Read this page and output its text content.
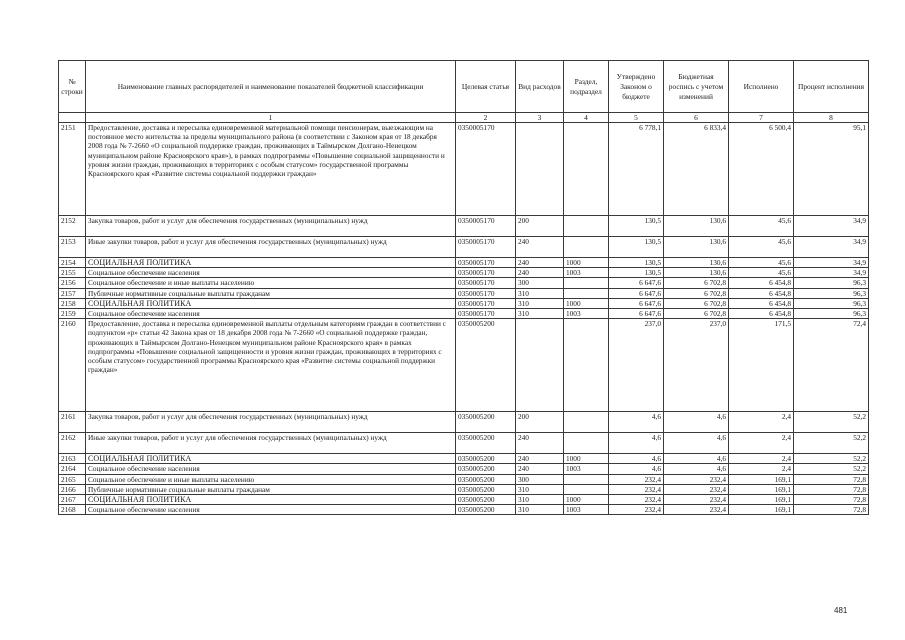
№ строки	Наименование главных распорядителей и наименование показателей бюджетной классификации	Целевая статья	Вид расходов	Раздел, подраздел	Утверждено Законом о бюджете	Бюджетная роспись с учетом изменений	Исполнено	Процент исполнения
	1	2	3	4	5	6	7	8
2151	Предоставление, доставка и пересылка единовременной материальной помощи пенсионерам, выезжающим на постоянное место жительства за пределы муниципального района (в соответствии с Законом края от 18 декабря 2008 года № 7-2660 «О социальной поддержке граждан, проживающих в Таймырском Долгано-Ненецком муниципальном районе Красноярского края»), в рамках подпрограммы «Повышение социальной защищенности и уровня жизни граждан, проживающих в территориях с особым статусом» государственной программы Красноярского края «Развитие системы социальной поддержки граждан»	0350005170			6 778,1	6 833,4	6 500,4	95,1
2152	Закупка товаров, работ и услуг для обеспечения государственных (муниципальных) нужд	0350005170	200		130,5	130,6	45,6	34,9
2153	Иные закупки товаров, работ и услуг для обеспечения государственных (муниципальных) нужд	0350005170	240		130,5	130,6	45,6	34,9
2154	СОЦИАЛЬНАЯ ПОЛИТИКА	0350005170	240	1000	130,5	130,6	45,6	34,9
2155	Социальное обеспечение населения	0350005170	240	1003	130,5	130,6	45,6	34,9
2156	Социальное обеспечение и иные выплаты населению	0350005170	300		6 647,6	6 702,8	6 454,8	96,3
2157	Публичные нормативные социальные выплаты гражданам	0350005170	310		6 647,6	6 702,8	6 454,8	96,3
2158	СОЦИАЛЬНАЯ ПОЛИТИКА	0350005170	310	1000	6 647,6	6 702,8	6 454,8	96,3
2159	Социальное обеспечение населения	0350005170	310	1003	6 647,6	6 702,8	6 454,8	96,3
2160	Предоставление, доставка и пересылка единовременной выплаты отдельным категориям граждан в соответствии с подпунктом «р» статьи 42 Закона края от 18 декабря 2008 года № 7-2660 «О социальной поддержке граждан, проживающих в Таймырском Долгано-Ненецком муниципальном районе Красноярского края» в рамках подпрограммы «Повышение социальной защищенности и уровня жизни граждан, проживающих в территориях с особым статусом» государственной программы Красноярского края «Развитие системы социальной поддержки граждан»	0350005200			237,0	237,0	171,5	72,4
2161	Закупка товаров, работ и услуг для обеспечения государственных (муниципальных) нужд	0350005200	200		4,6	4,6	2,4	52,2
2162	Иные закупки товаров, работ и услуг для обеспечения государственных (муниципальных) нужд	0350005200	240		4,6	4,6	2,4	52,2
2163	СОЦИАЛЬНАЯ ПОЛИТИКА	0350005200	240	1000	4,6	4,6	2,4	52,2
2164	Социальное обеспечение населения	0350005200	240	1003	4,6	4,6	2,4	52,2
2165	Социальное обеспечение и иные выплаты населению	0350005200	300		232,4	232,4	169,1	72,8
2166	Публичные нормативные социальные выплаты гражданам	0350005200	310		232,4	232,4	169,1	72,8
2167	СОЦИАЛЬНАЯ ПОЛИТИКА	0350005200	310	1000	232,4	232,4	169,1	72,8
2168	Социальное обеспечение населения	0350005200	310	1003	232,4	232,4	169,1	72,8
481
